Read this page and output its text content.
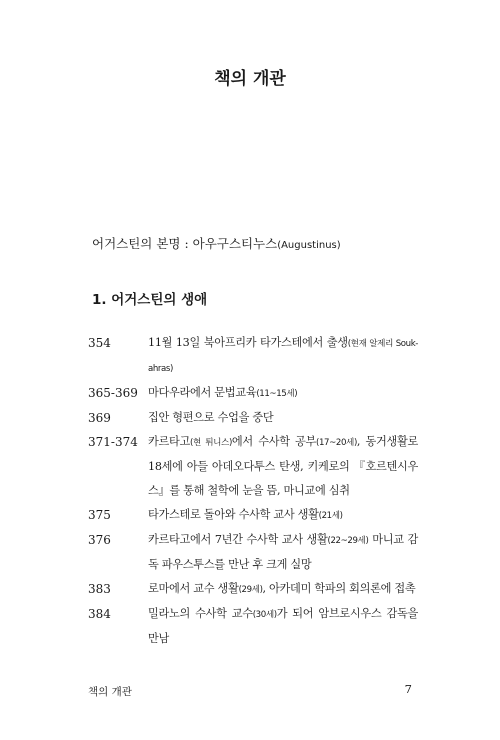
책의 개관
어거스틴의 본명 : 아우구스티누스(Augustinus)
1. 어거스틴의 생애
354	11월 13일 북아프리카 타가스테에서 출생(현재 알제리 Souk-ahras)
365-369 마다우라에서 문법교육(11~15세)
369	집안 형편으로 수업을 중단
371-374 카르타고(현 튀니스)에서 수사학 공부(17~20세), 동거생활로 18세에 아들 아데오다투스 탄생, 키케로의 『호르텐시우스』를 통해 철학에 눈을 뜸, 마니교에 심취
375	타가스테로 돌아와 수사학 교사 생활(21세)
376	카르타고에서 7년간 수사학 교사 생활(22~29세) 마니교 감독 파우스투스를 만난 후 크게 실망
383	로마에서 교수 생활(29세), 아카데미 학파의 회의론에 접촉
384	밀라노의 수사학 교수(30세)가 되어 암브로시우스 감독을 만남
책의 개관	7
